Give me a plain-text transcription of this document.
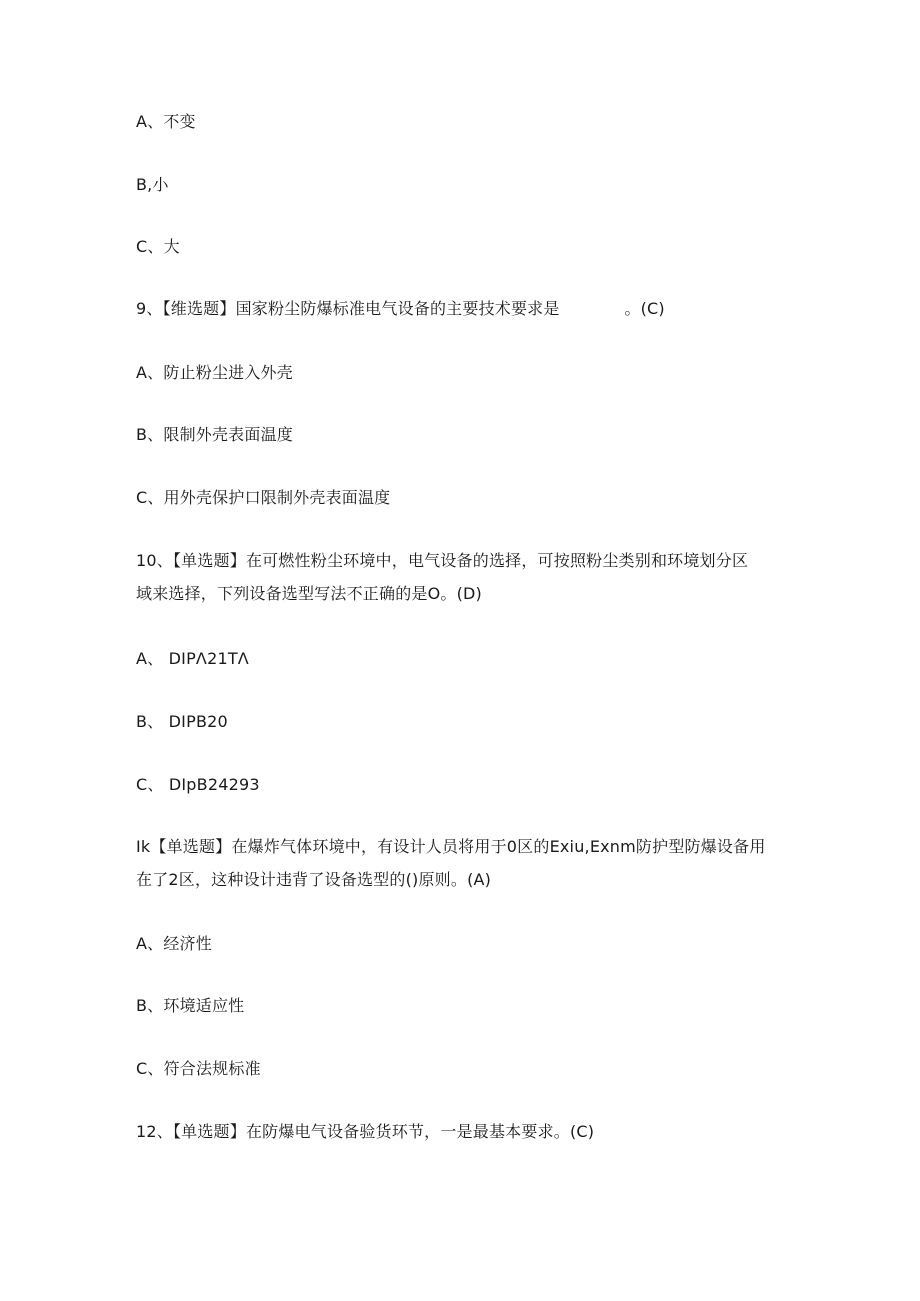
A、不变
B,小
C、大
9、【维选题】国家粉尘防爆标准电气设备的主要技术要求是　　　　。(C)
A、防止粉尘进入外壳
B、限制外壳表面温度
C、用外壳保护口限制外壳表面温度
10、【单选题】在可燃性粉尘环境中，电气设备的选择，可按照粉尘类别和环境划分区
域来选择，下列设备选型写法不正确的是O。(D)
A、 DIPΛ21TΛ
B、 DIPB20
C、 DIpB24293
Ik【单选题】在爆炸气体环境中，有设计人员将用于0区的Exiu,Exnm防护型防爆设备用
在了2区，这种设计违背了设备选型的()原则。(A)
A、经济性
B、环境适应性
C、符合法规标准
12、【单选题】在防爆电气设备验货环节，一是最基本要求。(C)
